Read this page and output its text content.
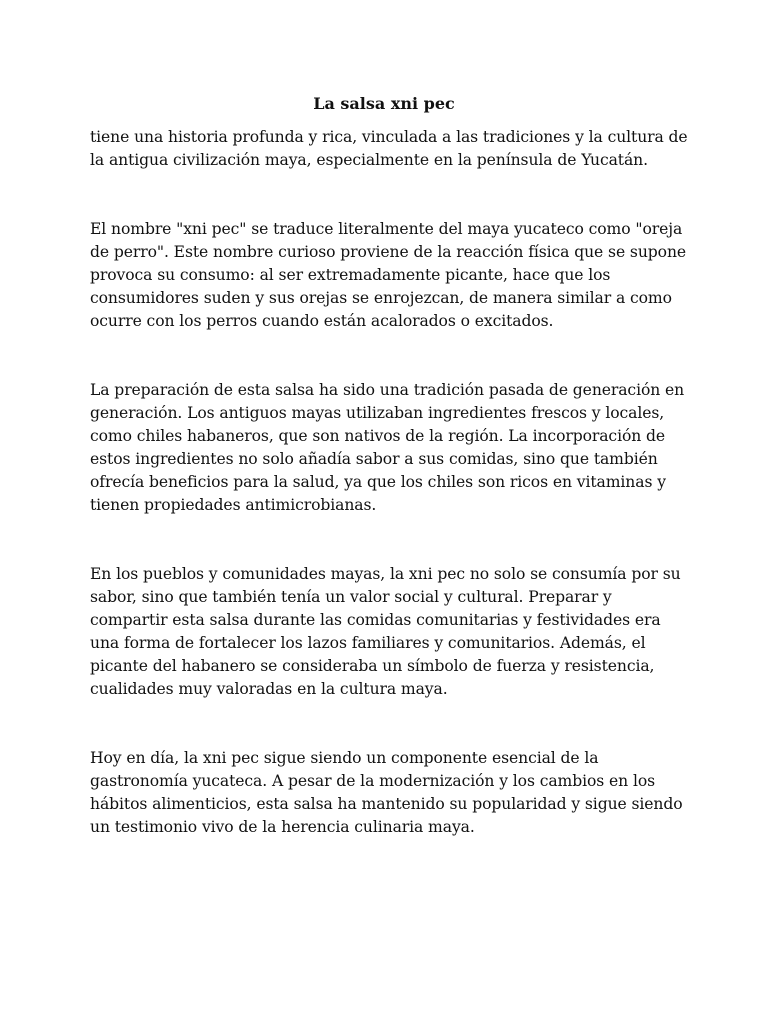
La salsa xni pec

tiene una historia profunda y rica, vinculada a las tradiciones y la cultura de la antigua civilización maya, especialmente en la península de Yucatán.

El nombre "xni pec" se traduce literalmente del maya yucateco como "oreja de perro". Este nombre curioso proviene de la reacción física que se supone provoca su consumo: al ser extremadamente picante, hace que los consumidores suden y sus orejas se enrojezcan, de manera similar a como ocurre con los perros cuando están acalorados o excitados.

La preparación de esta salsa ha sido una tradición pasada de generación en generación. Los antiguos mayas utilizaban ingredientes frescos y locales, como chiles habaneros, que son nativos de la región. La incorporación de estos ingredientes no solo añadía sabor a sus comidas, sino que también ofrecía beneficios para la salud, ya que los chiles son ricos en vitaminas y tienen propiedades antimicrobianas.

En los pueblos y comunidades mayas, la xni pec no solo se consumía por su sabor, sino que también tenía un valor social y cultural. Preparar y compartir esta salsa durante las comidas comunitarias y festividades era una forma de fortalecer los lazos familiares y comunitarios. Además, el picante del habanero se consideraba un símbolo de fuerza y resistencia, cualidades muy valoradas en la cultura maya.

Hoy en día, la xni pec sigue siendo un componente esencial de la gastronomía yucateca. A pesar de la modernización y los cambios en los hábitos alimenticios, esta salsa ha mantenido su popularidad y sigue siendo un testimonio vivo de la herencia culinaria maya.
